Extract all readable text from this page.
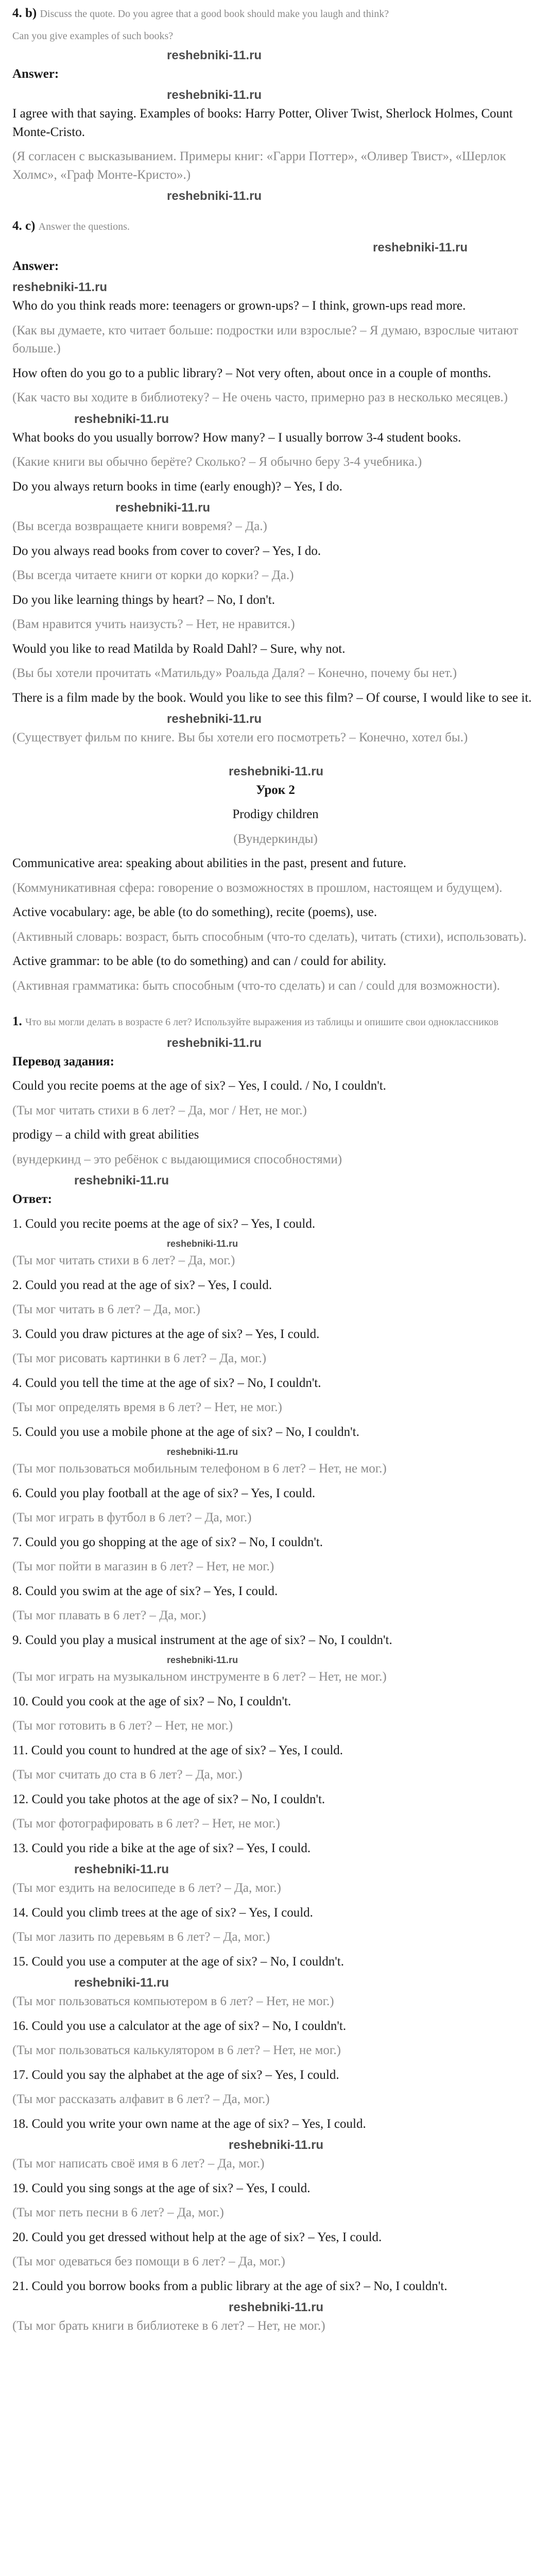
4. b) Discuss the quote. Do you agree that a good book should make you laugh and think?

Can you give examples of such books?

reshebniki-11.ru

Answer:

reshebniki-11.ru

I agree with that saying. Examples of books: Harry Potter, Oliver Twist, Sherlock Holmes, Count Monte-Cristo.

(Я согласен с высказыванием. Примеры книг: «Гарри Поттер», «Оливер Твист», «Шерлок Холмс», «Граф Монте-Кристо».)

reshebniki-11.ru

4. c) Answer the questions.

reshebniki-11.ru

Answer:

reshebniki-11.ru

Who do you think reads more: teenagers or grown-ups? – I think, grown-ups read more.

(Как вы думаете, кто читает больше: подростки или взрослые? – Я думаю, взрослые читают больше.)

How often do you go to a public library? – Not very often, about once in a couple of months.

(Как часто вы ходите в библиотеку? – Не очень часто, примерно раз в несколько месяцев.)

reshebniki-11.ru

What books do you usually borrow? How many? – I usually borrow 3-4 student books.

(Какие книги вы обычно берёте? Сколько? – Я обычно беру 3-4 учебника.)

Do you always return books in time (early enough)? – Yes, I do.

reshebniki-11.ru

(Вы всегда возвращаете книги вовремя? – Да.)

Do you always read books from cover to cover? – Yes, I do.

(Вы всегда читаете книги от корки до корки? – Да.)

Do you like learning things by heart? – No, I don't.

(Вам нравится учить наизусть? – Нет, не нравится.)

Would you like to read Matilda by Roald Dahl? – Sure, why not.

(Вы бы хотели прочитать «Матильду» Роальда Даля? – Конечно, почему бы нет.)

There is a film made by the book. Would you like to see this film? – Of course, I would like to see it.

reshebniki-11.ru

(Существует фильм по книге. Вы бы хотели его посмотреть? – Конечно, хотел бы.)

reshebniki-11.ru

Урок 2

Prodigy children

(Вундеркинды)

Communicative area: speaking about abilities in the past, present and future.

(Коммуникативная сфера: говорение о возможностях в прошлом, настоящем и будущем).

Active vocabulary: age, be able (to do something), recite (poems), use.

(Активный словарь: возраст, быть способным (что-то сделать), читать (стихи), использовать).

Active grammar: to be able (to do something) and can / could for ability.

(Активная грамматика: быть способным (что-то сделать) и can / could для возможности).

1. Что вы могли делать в возрасте 6 лет? Используйте выражения из таблицы и опишите свои одноклассников

reshebniki-11.ru

Перевод задания:

Could you recite poems at the age of six? – Yes, I could. / No, I couldn't.

(Ты мог читать стихи в 6 лет? – Да, мог / Нет, не мог.)

prodigy – a child with great abilities

(вундеркинд – это ребёнок с выдающимися способностями)

reshebniki-11.ru

Ответ:

1. Could you recite poems at the age of six? – Yes, I could.

reshebniki-11.ru

(Ты мог читать стихи в 6 лет? – Да, мог.)

2. Could you read at the age of six? – Yes, I could.

(Ты мог читать в 6 лет? – Да, мог.)

3. Could you draw pictures at the age of six? – Yes, I could.

(Ты мог рисовать картинки в 6 лет? – Да, мог.)

4. Could you tell the time at the age of six? – No, I couldn't.

(Ты мог определять время в 6 лет? – Нет, не мог.)

5. Could you use a mobile phone at the age of six? – No, I couldn't.

reshebniki-11.ru

(Ты мог пользоваться мобильным телефоном в 6 лет? – Нет, не мог.)

6. Could you play football at the age of six? – Yes, I could.

(Ты мог играть в футбол в 6 лет? – Да, мог.)

7. Could you go shopping at the age of six? – No, I couldn't.

(Ты мог пойти в магазин в 6 лет? – Нет, не мог.)

8. Could you swim at the age of six? – Yes, I could.

(Ты мог плавать в 6 лет? – Да, мог.)

9. Could you play a musical instrument at the age of six? – No, I couldn't.

reshebniki-11.ru

(Ты мог играть на музыкальном инструменте в 6 лет? – Нет, не мог.)

10. Could you cook at the age of six? – No, I couldn't.

(Ты мог готовить в 6 лет? – Нет, не мог.)

11. Could you count to hundred at the age of six? – Yes, I could.

(Ты мог считать до ста в 6 лет? – Да, мог.)

12. Could you take photos at the age of six? – No, I couldn't.

(Ты мог фотографировать в 6 лет? – Нет, не мог.)

13. Could you ride a bike at the age of six? – Yes, I could.

reshebniki-11.ru

(Ты мог ездить на велосипеде в 6 лет? – Да, мог.)

14. Could you climb trees at the age of six? – Yes, I could.

(Ты мог лазить по деревьям в 6 лет? – Да, мог.)

15. Could you use a computer at the age of six? – No, I couldn't.

reshebniki-11.ru

(Ты мог пользоваться компьютером в 6 лет? – Нет, не мог.)

16. Could you use a calculator at the age of six? – No, I couldn't.

(Ты мог пользоваться калькулятором в 6 лет? – Нет, не мог.)

17. Could you say the alphabet at the age of six? – Yes, I could.

(Ты мог рассказать алфавит в 6 лет? – Да, мог.)

18. Could you write your own name at the age of six? – Yes, I could.

reshebniki-11.ru

(Ты мог написать своё имя в 6 лет? – Да, мог.)

19. Could you sing songs at the age of six? – Yes, I could.

(Ты мог петь песни в 6 лет? – Да, мог.)

20. Could you get dressed without help at the age of six? – Yes, I could.

(Ты мог одеваться без помощи в 6 лет? – Да, мог.)

21. Could you borrow books from a public library at the age of six? – No, I couldn't.

reshebniki-11.ru

(Ты мог брать книги в библиотеке в 6 лет? – Нет, не мог.)
